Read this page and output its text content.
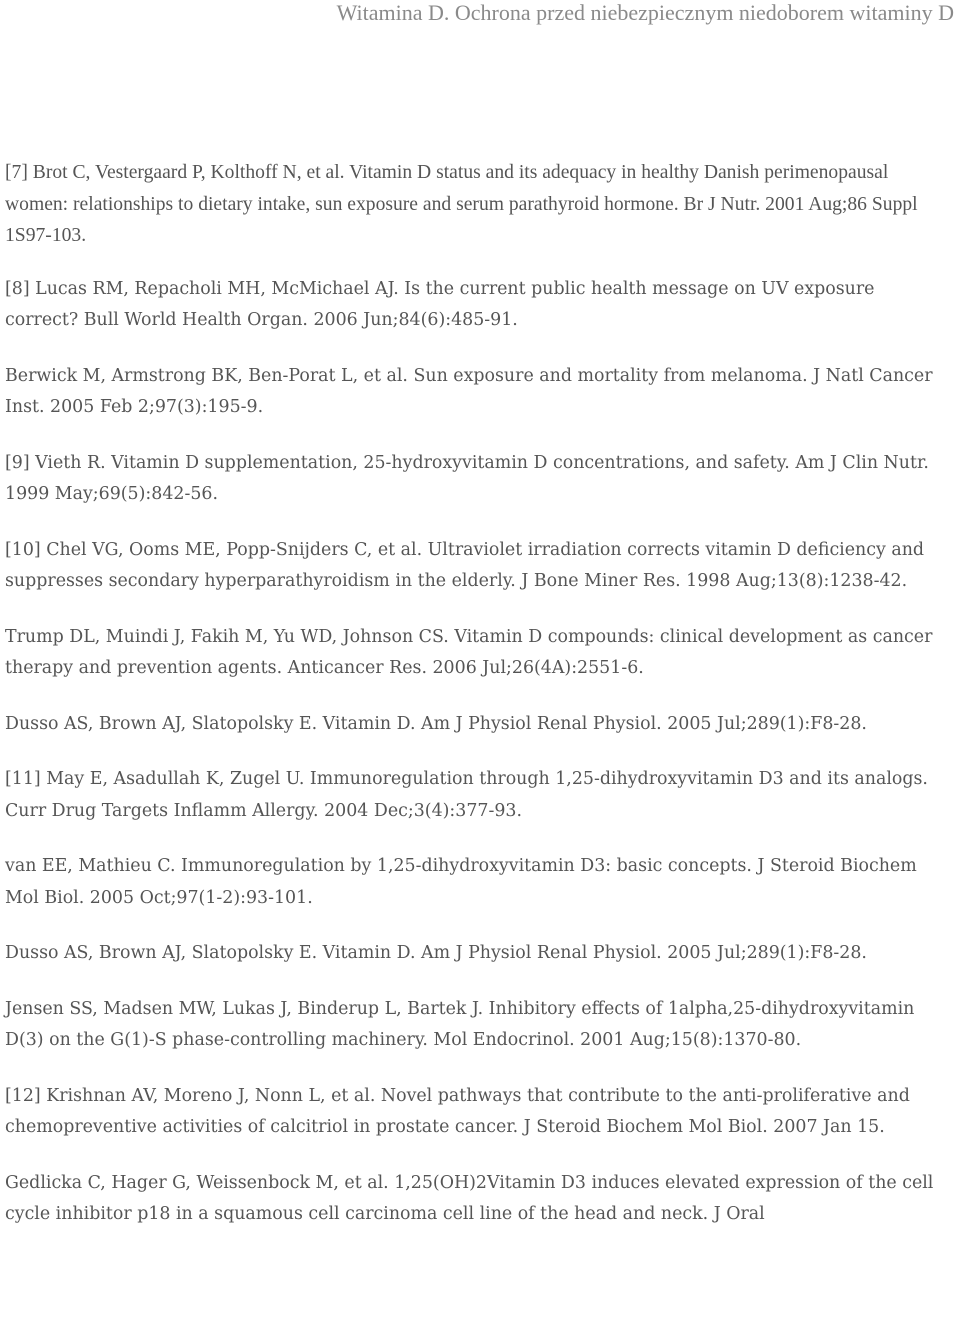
Witamina D. Ochrona przed niebezpiecznym niedoborem witaminy D

[7] Brot C, Vestergaard P, Kolthoff N, et al. Vitamin D status and its adequacy in healthy Danish perimenopausal women: relationships to dietary intake, sun exposure and serum parathyroid hormone. Br J Nutr. 2001 Aug;86 Suppl 1S97-103.

[8] Lucas RM, Repacholi MH, McMichael AJ. Is the current public health message on UV exposure correct? Bull World Health Organ. 2006 Jun;84(6):485-91.

Berwick M, Armstrong BK, Ben-Porat L, et al. Sun exposure and mortality from melanoma. J Natl Cancer Inst. 2005 Feb 2;97(3):195-9.

[9] Vieth R. Vitamin D supplementation, 25-hydroxyvitamin D concentrations, and safety. Am J Clin Nutr. 1999 May;69(5):842-56.

[10] Chel VG, Ooms ME, Popp-Snijders C, et al. Ultraviolet irradiation corrects vitamin D deficiency and suppresses secondary hyperparathyroidism in the elderly. J Bone Miner Res. 1998 Aug;13(8):1238-42.

Trump DL, Muindi J, Fakih M, Yu WD, Johnson CS. Vitamin D compounds: clinical development as cancer therapy and prevention agents. Anticancer Res. 2006 Jul;26(4A):2551-6.

Dusso AS, Brown AJ, Slatopolsky E. Vitamin D. Am J Physiol Renal Physiol. 2005 Jul;289(1):F8-28.

[11] May E, Asadullah K, Zugel U. Immunoregulation through 1,25-dihydroxyvitamin D3 and its analogs. Curr Drug Targets Inflamm Allergy. 2004 Dec;3(4):377-93.

van EE, Mathieu C. Immunoregulation by 1,25-dihydroxyvitamin D3: basic concepts. J Steroid Biochem Mol Biol. 2005 Oct;97(1-2):93-101.

Dusso AS, Brown AJ, Slatopolsky E. Vitamin D. Am J Physiol Renal Physiol. 2005 Jul;289(1):F8-28.

Jensen SS, Madsen MW, Lukas J, Binderup L, Bartek J. Inhibitory effects of 1alpha,25-dihydroxyvitamin D(3) on the G(1)-S phase-controlling machinery. Mol Endocrinol. 2001 Aug;15(8):1370-80.

[12] Krishnan AV, Moreno J, Nonn L, et al. Novel pathways that contribute to the anti-proliferative and chemopreventive activities of calcitriol in prostate cancer. J Steroid Biochem Mol Biol. 2007 Jan 15.

Gedlicka C, Hager G, Weissenbock M, et al. 1,25(OH)2Vitamin D3 induces elevated expression of the cell cycle inhibitor p18 in a squamous cell carcinoma cell line of the head and neck. J Oral
